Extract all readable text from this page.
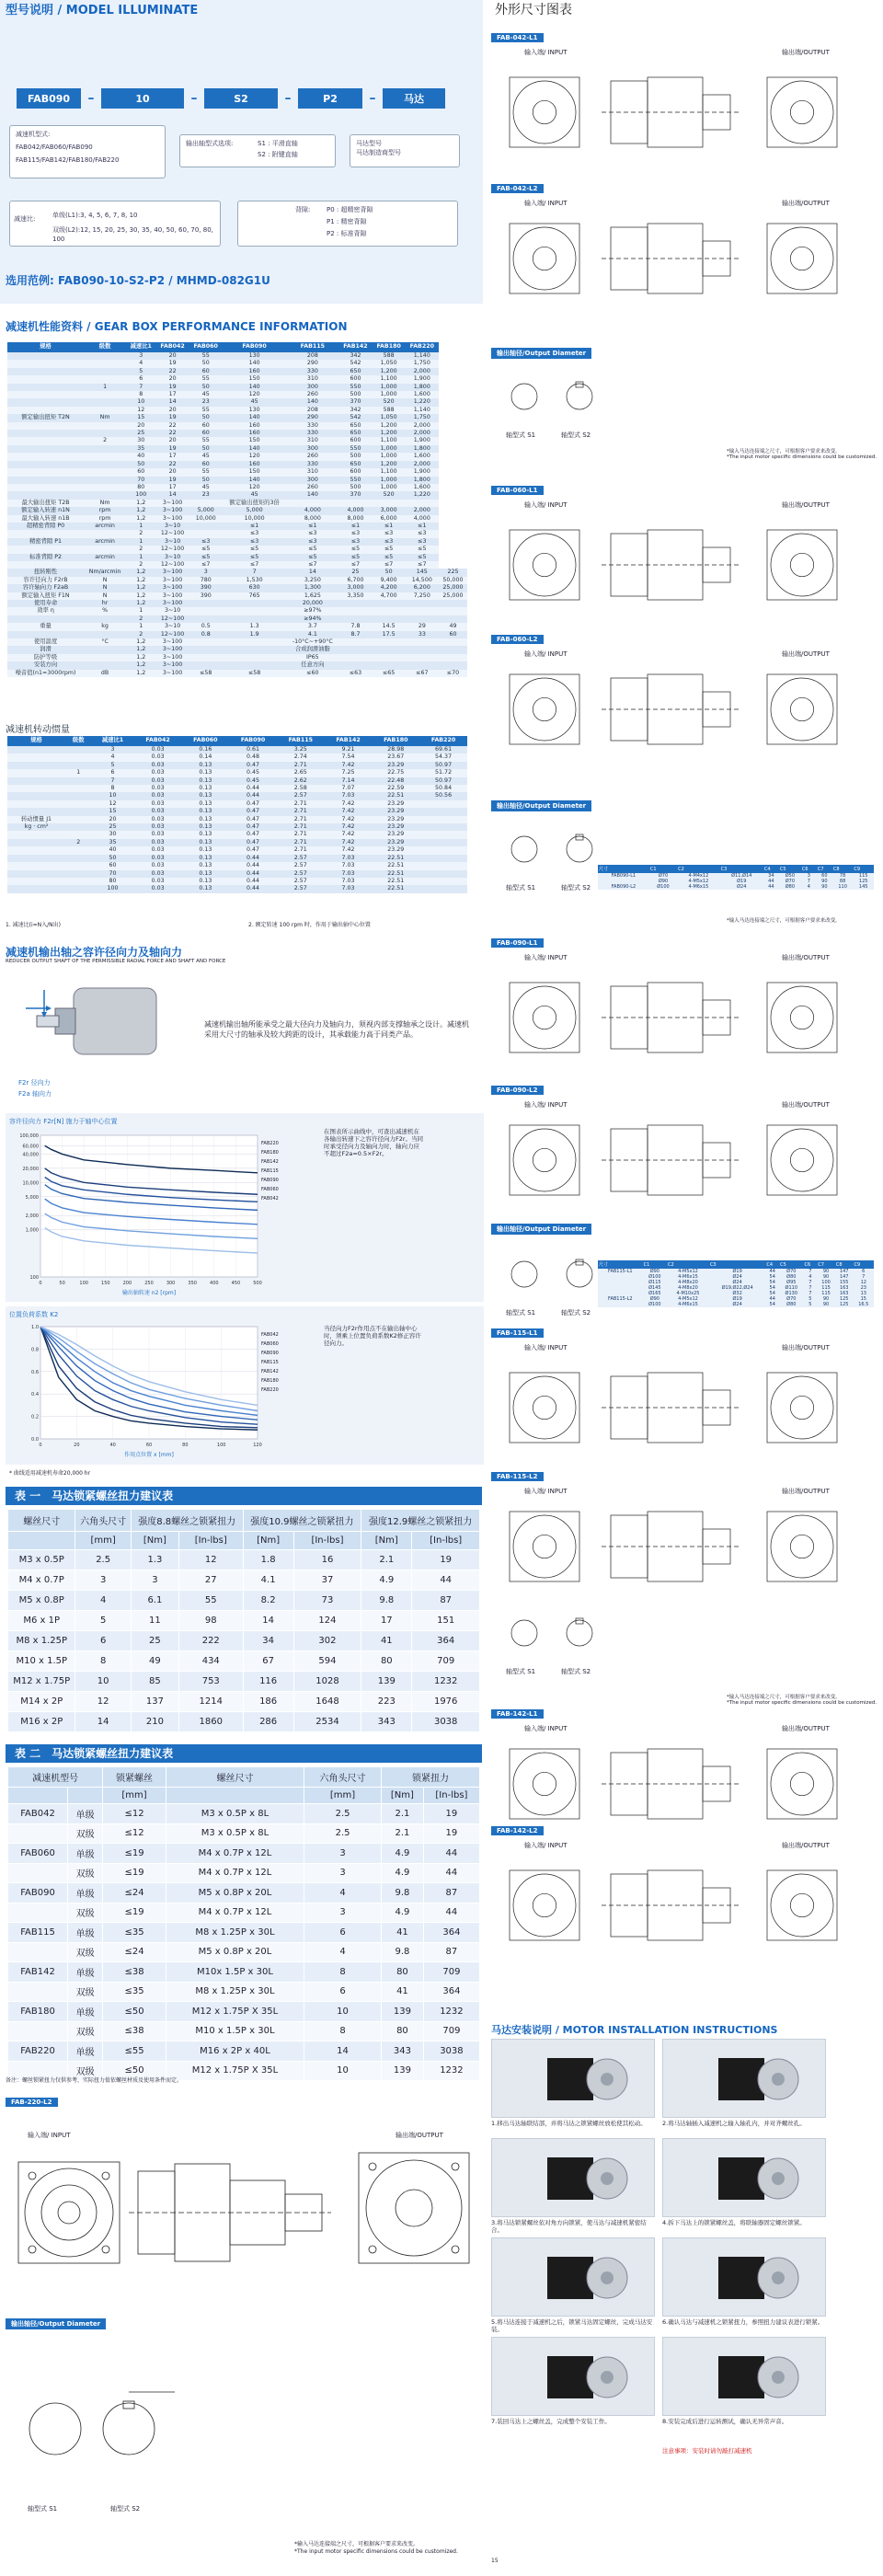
型号说明 / MODEL ILLUMINATE
FAB090	–	10	–	S2	–	P2	–	马达
减速机型式:
FAB042/FAB060/FAB090
FAB115/FAB142/FAB180/FAB220
输出轴型式选项:	S1 : 平滑直轴
S2 : 附键直轴
马达型号
马达制造商型号
减速比:	单级(L1):3, 4, 5, 6, 7, 8, 10
双级(L2):12, 15, 20, 25, 30, 35, 40, 50, 60, 70, 80, 100
背隙:	P0 : 超精密背隙
P1 : 精密背隙
P2 : 标准背隙
选用范例: FAB090-10-S2-P2 / MHMD-082G1U
减速机性能资料 / GEAR BOX PERFORMANCE INFORMATION
规格	级数	减速比1	FAB042	FAB060	FAB090	FAB115	FAB142	FAB180	FAB220	
		3	20	55	130	208	342	588	1,140	
		4	19	50	140	290	542	1,050	1,750	
		5	22	60	160	330	650	1,200	2,000	
		6	20	55	150	310	600	1,100	1,900	
	1	7	19	50	140	300	550	1,000	1,800	
		8	17	45	120	260	500	1,000	1,600	
		10	14	23	45	140	370	520	1,220	
		12	20	55	130	208	342	588	1,140	
额定输出扭矩 T2N	Nm	15	19	50	140	290	542	1,050	1,750	
		20	22	60	160	330	650	1,200	2,000	
		25	22	60	160	330	650	1,200	2,000	
	2	30	20	55	150	310	600	1,100	1,900	
		35	19	50	140	300	550	1,000	1,800	
		40	17	45	120	260	500	1,000	1,600	
		50	22	60	160	330	650	1,200	2,000	
		60	20	55	150	310	600	1,100	1,900	
		70	19	50	140	300	550	1,000	1,800	
		80	17	45	120	260	500	1,000	1,600	
		100	14	23	45	140	370	520	1,220	
最大输出扭矩 T2B	Nm	1,2	3~100		额定输出扭矩的3倍					
额定输入转速 n1N	rpm	1,2	3~100	5,000	5,000	4,000	4,000	3,000	2,000	
最大输入转速 n1B	rpm	1,2	3~100	10,000	10,000	8,000	8,000	6,000	4,000	
超精密背隙 P0	arcmin	1	3~10		≤1	≤1	≤1	≤1	≤1	
		2	12~100		≤3	≤3	≤3	≤3	≤3	
精密背隙 P1	arcmin	1	3~10	≤3	≤3	≤3	≤3	≤3	≤3	
		2	12~100	≤5	≤5	≤5	≤5	≤5	≤5	
标准背隙 P2	arcmin	1	3~10	≤5	≤5	≤5	≤5	≤5	≤5	
		2	12~100	≤7	≤7	≤7	≤7	≤7	≤7	
扭转刚性	Nm/arcmin	1,2	3~100	3	7	14	25	50	145	225
容许径向力 F2rB	N	1,2	3~100	780	1,530	3,250	6,700	9,400	14,500	50,000
容许轴向力 F2aB	N	1,2	3~100	390	630	1,300	3,000	4,200	6,200	25,000
额定输入扭矩 F1N	N	1,2	3~100	390	765	1,625	3,350	4,700	7,250	25,000
使用寿命	hr	1,2	3~100			20,000				
效率 η	%	1	3~10			≥97%				
		2	12~100			≥94%				
重量	kg	1	3~10	0.5	1.3	3.7	7.8	14.5	29	49
		2	12~100	0.8	1.9	4.1	8.7	17.5	33	60
使用温度	°C	1,2	3~100			-10°C~+90°C				
润滑		1,2	3~100			合成润滑油脂				
防护等级		1,2	3~100			IP65				
安装方向		1,2	3~100			任意方向				
噪音值(n1=3000rpm)	dB	1,2	3~100	≤58	≤58	≤60	≤63	≤65	≤67	≤70
减速机转动惯量
规格	级数	减速比1	FAB042	FAB060	FAB090	FAB115	FAB142	FAB180	FAB220
		3	0.03	0.16	0.61	3.25	9.21	28.98	69.61
		4	0.03	0.14	0.48	2.74	7.54	23.67	54.37
		5	0.03	0.13	0.47	2.71	7.42	23.29	50.97
	1	6	0.03	0.13	0.45	2.65	7.25	22.75	51.72
		7	0.03	0.13	0.45	2.62	7.14	22.48	50.97
		8	0.03	0.13	0.44	2.58	7.07	22.59	50.84
		10	0.03	0.13	0.44	2.57	7.03	22.51	50.56
		12	0.03	0.13	0.47	2.71	7.42	23.29	
		15	0.03	0.13	0.47	2.71	7.42	23.29	
转动惯量 J1		20	0.03	0.13	0.47	2.71	7.42	23.29	
kg · cm²		25	0.03	0.13	0.47	2.71	7.42	23.29	
		30	0.03	0.13	0.47	2.71	7.42	23.29	
	2	35	0.03	0.13	0.47	2.71	7.42	23.29	
		40	0.03	0.13	0.47	2.71	7.42	23.29	
		50	0.03	0.13	0.44	2.57	7.03	22.51	
		60	0.03	0.13	0.44	2.57	7.03	22.51	
		70	0.03	0.13	0.44	2.57	7.03	22.51	
		80	0.03	0.13	0.44	2.57	7.03	22.51	
		100	0.03	0.13	0.44	2.57	7.03	22.51	
1. 减速比(i=N入/N出)	2. 额定转速 100 rpm 时，作用于输出轴中心位置
减速机输出轴之容许径向力及轴向力
REDUCER OUTPUT SHAFT OF THE PERMISSIBLE RADIAL FORCE AND SHAFT AND FORCE
F2r 径向力
F2a 轴向力
减速机输出轴所能承受之最大径向力及轴向力，须视内部支撑轴承之设计。减速机采用大尺寸的轴承及较大跨距的设计，其承载能力高于同类产品。
容许径向力 F2r[N] 施力于轴中心位置
100
1,000
2,000
5,000
10,000
20,000
40,000
60,000
100,000
0	50	100	150	200	250	300	350	400	450	500
输出轴转速 n2 [rpm]
FAB220
FAB180
FAB142
FAB115
FAB090
FAB060
FAB042
在图表所示曲线中，可查出减速机在各输出转速下之容许径向力F2r。当同时承受径向力及轴向力时，轴向力应不超过F2a=0.5×F2r。
位置负荷系数 K2
0.0
0.2
0.4
0.6
0.8
1.0
0	20	40	60	80	100	120
作用点位置 x [mm]
FAB042
FAB060
FAB090
FAB115
FAB142
FAB180
FAB220
当径向力F2r作用点不在输出轴中心时，须乘上位置负荷系数K2修正容许径向力。
* 曲线适用减速机寿命20,000 hr
表 一　马达锁紧螺丝扭力建议表
螺丝尺寸	六角头尺寸	强度8.8螺丝之锁紧扭力		强度10.9螺丝之锁紧扭力		强度12.9螺丝之锁紧扭力	
	[mm]	[Nm]	[In-lbs]	[Nm]	[In-lbs]	[Nm]	[In-lbs]
M3 x 0.5P	2.5	1.3	12	1.8	16	2.1	19
M4 x 0.7P	3	3	27	4.1	37	4.9	44
M5 x 0.8P	4	6.1	55	8.2	73	9.8	87
M6 x 1P	5	11	98	14	124	17	151
M8 x 1.25P	6	25	222	34	302	41	364
M10 x 1.5P	8	49	434	67	594	80	709
M12 x 1.75P	10	85	753	116	1028	139	1232
M14 x 2P	12	137	1214	186	1648	223	1976
M16 x 2P	14	210	1860	286	2534	343	3038
表 二　马达锁紧螺丝扭力建议表
减速机型号		锁紧螺丝	螺丝尺寸	六角头尺寸	锁紧扭力	
		[mm]		[mm]	[Nm]	[In-lbs]
FAB042	单级	≤12	M3 x 0.5P x 8L	2.5	2.1	19
	双级	≤12	M3 x 0.5P x 8L	2.5	2.1	19
FAB060	单级	≤19	M4 x 0.7P x 12L	3	4.9	44
	双级	≤19	M4 x 0.7P x 12L	3	4.9	44
FAB090	单级	≤24	M5 x 0.8P x 20L	4	9.8	87
	双级	≤19	M4 x 0.7P x 12L	3	4.9	44
FAB115	单级	≤35	M8 x 1.25P x 30L	6	41	364
	双级	≤24	M5 x 0.8P x 20L	4	9.8	87
FAB142	单级	≤38	M10x 1.5P x 30L	8	80	709
	双级	≤35	M8 x 1.25P x 30L	6	41	364
FAB180	单级	≤50	M12 x 1.75P X 35L	10	139	1232
	双级	≤38	M10 x 1.5P x 30L	8	80	709
FAB220	单级	≤55	M16 x 2P x 40L	14	343	3038
	双级	≤50	M12 x 1.75P X 35L	10	139	1232
备注：螺丝锁紧扭力仅供参考，实际扭力值依螺丝材质及使用条件而定。
FAB-220-L2
输入端/ INPUT	输出端/OUTPUT
输出轴径/Output Diameter
轴型式 S1	轴型式 S2
*输入马达连接端之尺寸，可根据客户要求来改变。
*The input motor specific dimensions could be customized.
外形尺寸图表
FAB-042-L1
输入端/ INPUT	输出端/OUTPUT
FAB-042-L2
输入端/ INPUT	输出端/OUTPUT
FAB-060-L1
输入端/ INPUT	输出端/OUTPUT
FAB-060-L2
输入端/ INPUT	输出端/OUTPUT
FAB-090-L1
输入端/ INPUT	输出端/OUTPUT
FAB-090-L2
输入端/ INPUT	输出端/OUTPUT
FAB-115-L1
输入端/ INPUT	输出端/OUTPUT
FAB-115-L2
输入端/ INPUT	输出端/OUTPUT
FAB-142-L1
输入端/ INPUT	输出端/OUTPUT
FAB-142-L2
输入端/ INPUT	输出端/OUTPUT
输出轴径/Output Diameter
轴型式 S1	轴型式 S2
*输入马达连接端之尺寸，可根据客户要求来改变。
*The input motor specific dimensions could be customized.
输出轴径/Output Diameter
轴型式 S1	轴型式 S2
尺寸	C1	C2	C3	C4	C5	C6	C7	C8	C9
FAB090-L1	Ø70	4-M4x12	Ø11,Ø14	34	Ø50	3	60	78	115
	Ø90	4-M5x12	Ø19	44	Ø70	7	90	88	125
FAB090-L2	Ø100	4-M6x15	Ø24	44	Ø80	4	90	110	145
*输入马达连接端之尺寸，可根据客户要求来改变。
输出轴径/Output Diameter
轴型式 S1	轴型式 S2
尺寸	C1	C2	C3	C4	C5	C6	C7	C8	C9
FAB115-L1	Ø90	4-M5x12	Ø19	44	Ø70	7	90	147	6
	Ø100	4-M6x15	Ø24	54	Ø80	4	90	147	7
	Ø115	4-M8x20	Ø24	54	Ø95	7	100	155	12
	Ø145	4-M8x20	Ø19,Ø22,Ø24	54	Ø110	7	115	163	23
	Ø165	4-M10x25	Ø32	54	Ø130	7	115	163	13
FAB115-L2	Ø90	4-M5x12	Ø19	44	Ø70	5	90	125	15
	Ø100	4-M6x15	Ø24	54	Ø80	5	90	125	16.5
轴型式 S1	轴型式 S2
*输入马达连接端之尺寸，可根据客户要求来改变。
*The input motor specific dimensions could be customized.
马达安装说明 / MOTOR INSTALLATION INSTRUCTIONS
1.移出马达轴联结部，并将马达之锁紧螺丝放松使其松动。	2.将马达轴插入减速机之输入轴孔内，并对齐螺丝孔。
3.将马达锁紧螺丝依对角方向锁紧，使马达与减速机紧密结合。
4.拆下马达上的锁紧螺丝盖，将联轴器固定螺丝锁紧。
5.将马达连接于减速机之后，锁紧马达固定螺丝，完成马达安装。
6.确认马达与减速机之锁紧扭力，参照扭力建议表进行锁紧。
7.装回马达上之螺丝盖，完成整个安装工作。	8.安装完成后进行运转测试，确认无异常声音。
注意事项：安装时请勿敲打减速机
15
